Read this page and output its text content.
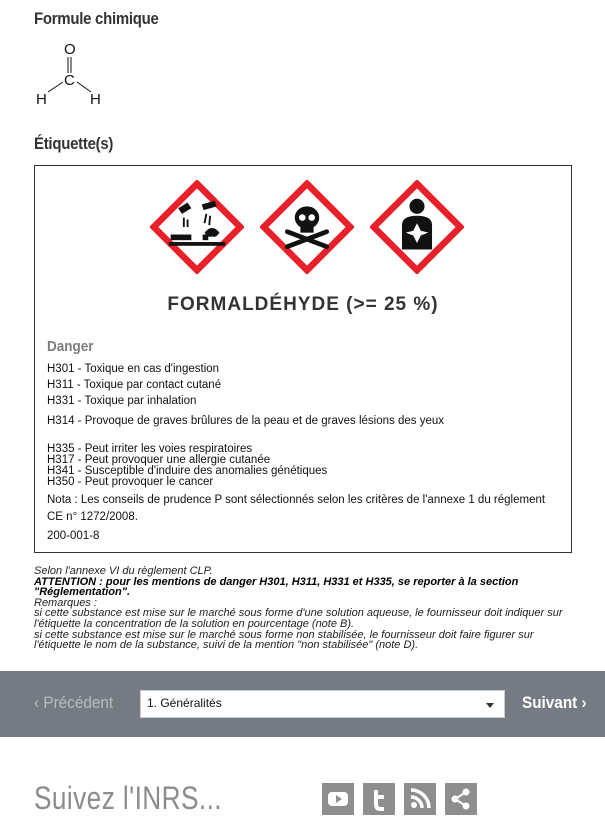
Formule chimique
O
C
H	H
Étiquette(s)
FORMALDÉHYDE (>= 25 %)
Danger
H301 - Toxique en cas d'ingestion
H311 - Toxique par contact cutané
H331 - Toxique par inhalation
H314 - Provoque de graves brûlures de la peau et de graves lésions des yeux
H335 - Peut irriter les voies respiratoires
H317 - Peut provoquer une allergie cutanée
H341 - Susceptible d'induire des anomalies génétiques
H350 - Peut provoquer le cancer
Nota : Les conseils de prudence P sont sélectionnés selon les critères de l'annexe 1 du réglement CE n° 1272/2008.
200-001-8
Selon l'annexe VI du règlement CLP.
ATTENTION : pour les mentions de danger H301, H311, H331 et H335, se reporter à la section "Réglementation".
Remarques :
si cette substance est mise sur le marché sous forme d'une solution aqueuse, le fournisseur doit indiquer sur l'étiquette la concentration de la solution en pourcentage (note B).
si cette substance est mise sur le marché sous forme non stabilisée, le fournisseur doit faire figurer sur l'étiquette le nom de la substance, suivi de la mention "non stabilisée" (note D).
‹ Précédent	1. Généralités	Suivant ›
Suivez l'INRS...
